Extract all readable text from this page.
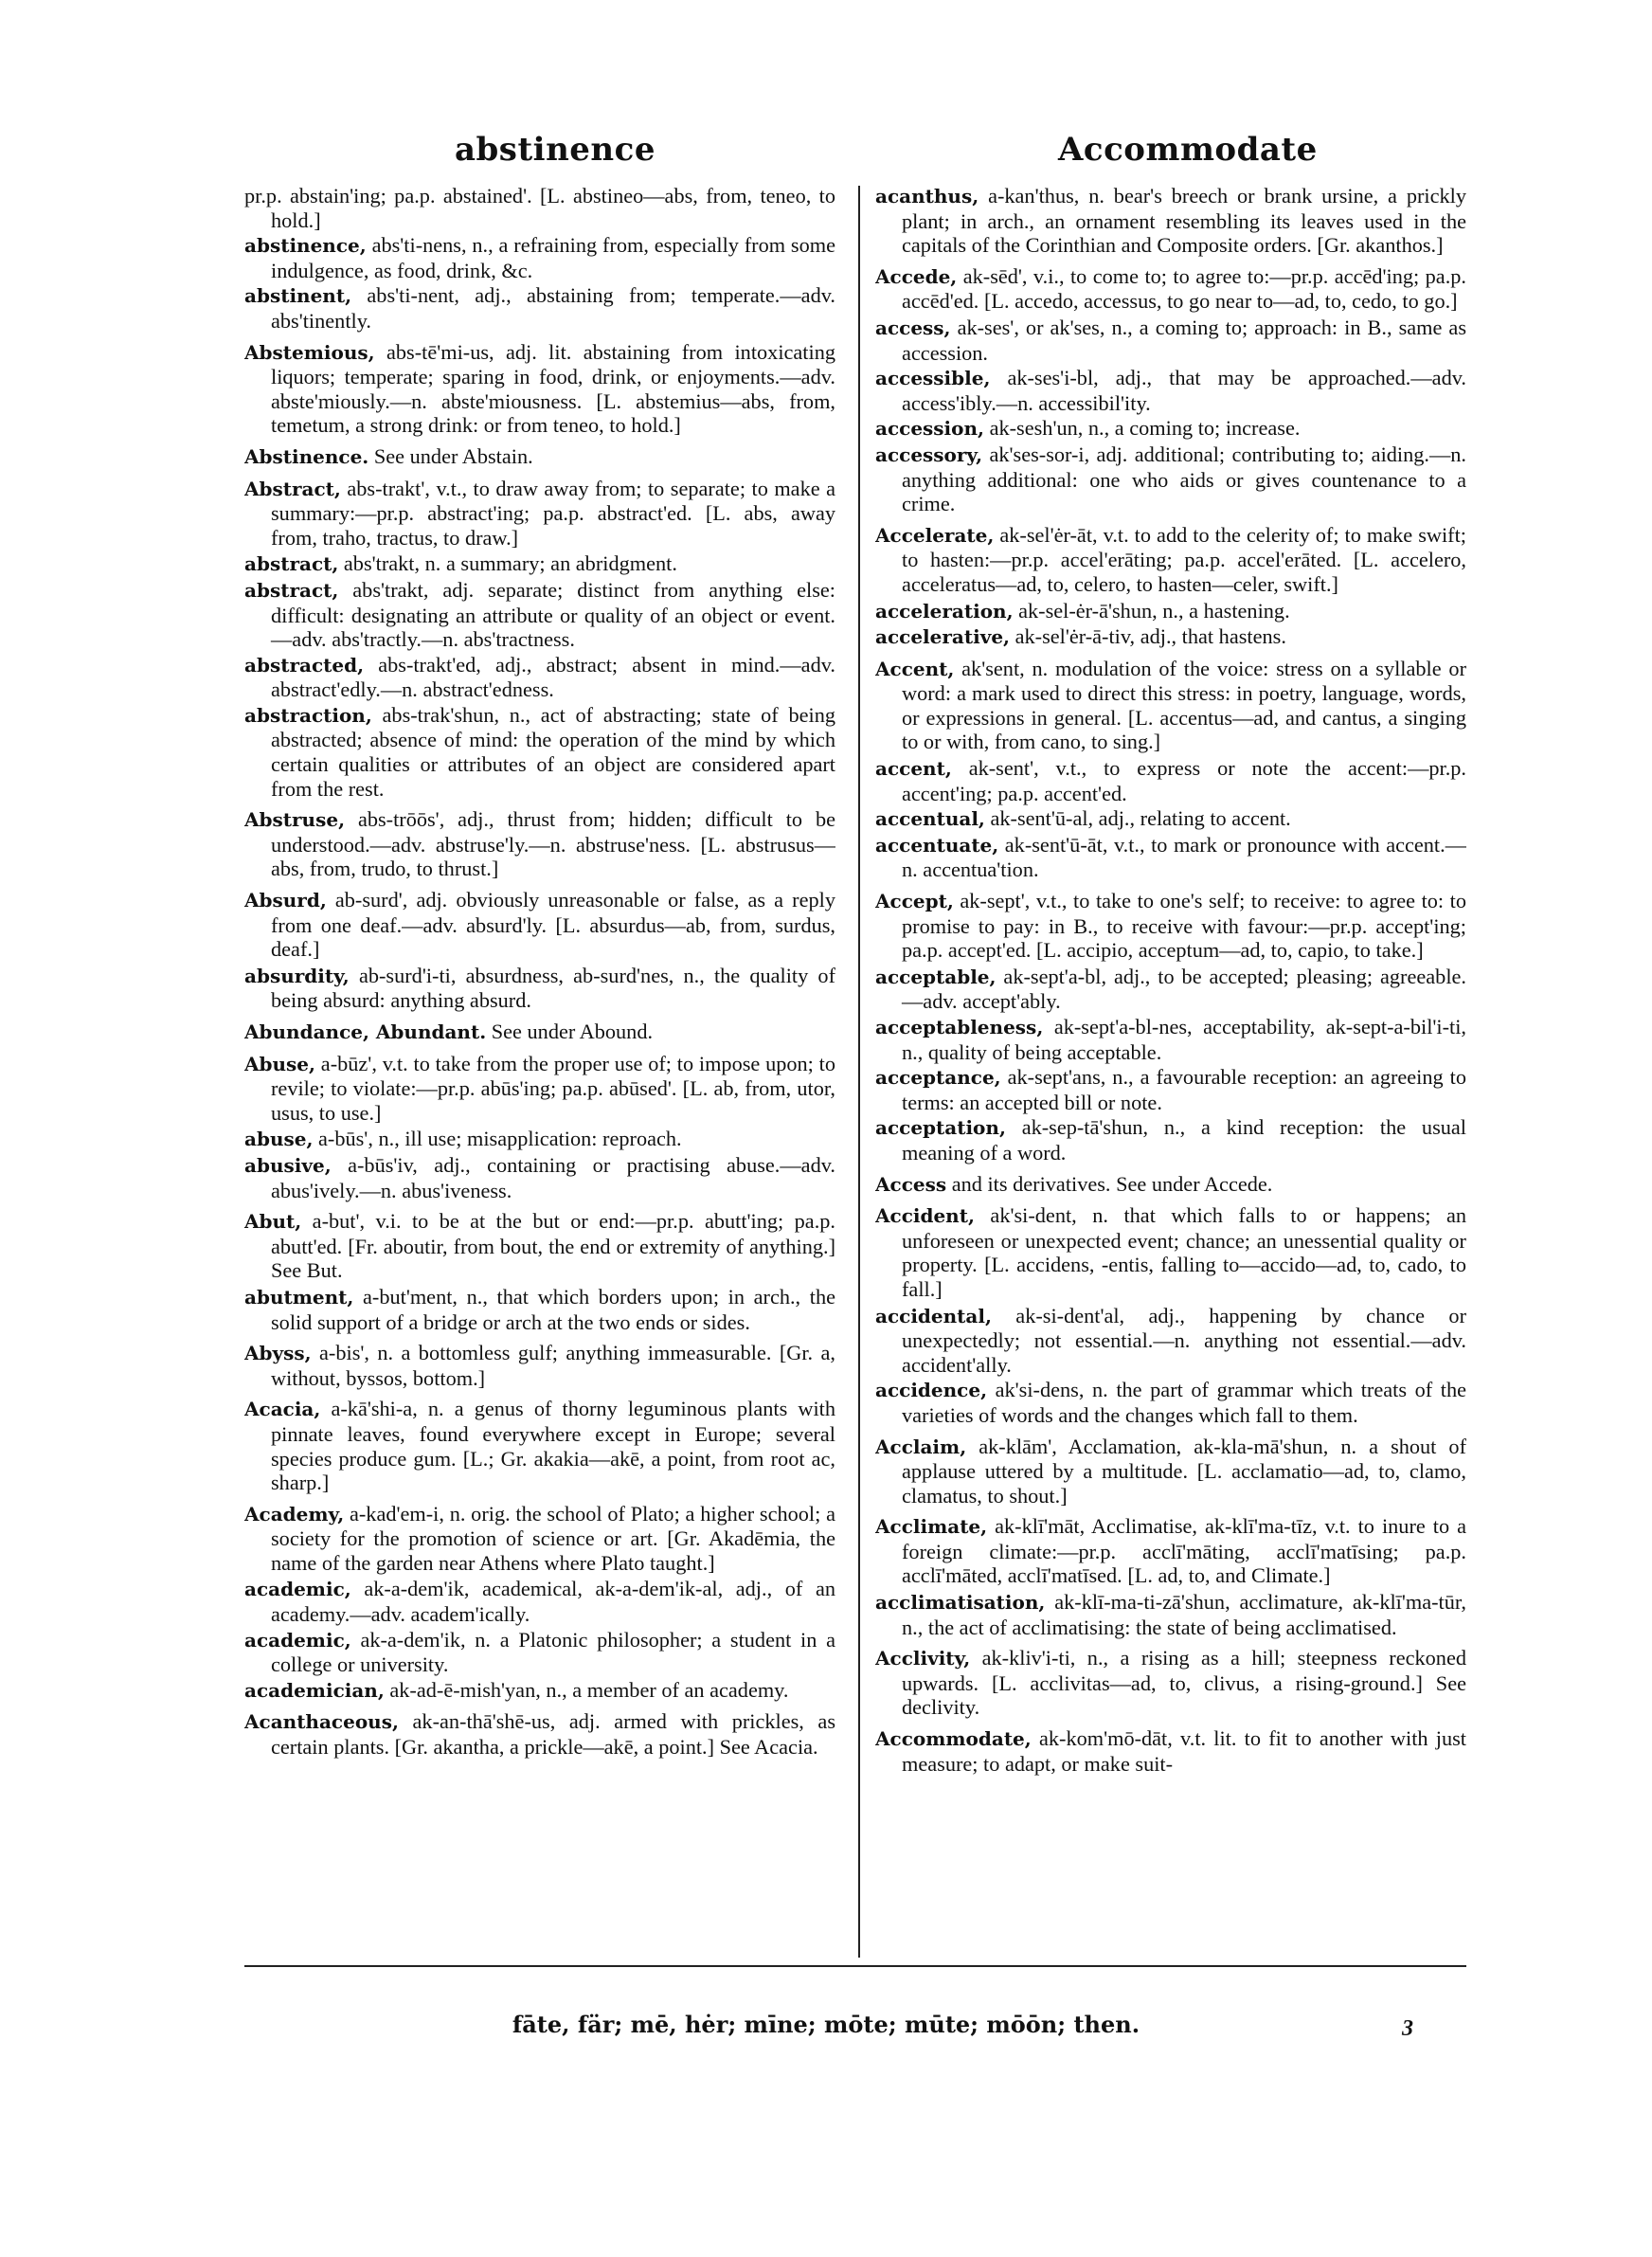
abstinence	Accommodate
pr.p. abstain'ing; pa.p. abstained'. [L. abstineo—abs, from, teneo, to hold.]
abstinence, abs'ti-nens, n., a refraining from, especially from some indulgence, as food, drink, &c.
abstinent, abs'ti-nent, adj., abstaining from; temperate.—adv. abs'tinently.
Abstemious, abs-tē'mi-us, adj. lit. abstaining from intoxicating liquors; temperate; sparing in food, drink, or enjoyments.—adv. abste'miously.—n. abste'miousness. [L. abstemius—abs, from, temetum, a strong drink: or from teneo, to hold.]
Abstinence. See under Abstain.
Abstract, abs-trakt', v.t., to draw away from; to separate; to make a summary:—pr.p. abstract'ing; pa.p. abstract'ed. [L. abs, away from, traho, tractus, to draw.]
abstract, abs'trakt, n. a summary; an abridgment.
abstract, abs'trakt, adj. separate; distinct from anything else: difficult: designating an attribute or quality of an object or event.—adv. abs'tractly.—n. abs'tractness.
abstracted, abs-trakt'ed, adj., abstract; absent in mind.—adv. abstract'edly.—n. abstract'edness.
abstraction, abs-trak'shun, n., act of abstracting; state of being abstracted; absence of mind: the operation of the mind by which certain qualities or attributes of an object are considered apart from the rest.
Abstruse, abs-trōōs', adj., thrust from; hidden; difficult to be understood.—adv. abstruse'ly.—n. abstruse'ness. [L. abstrusus—abs, from, trudo, to thrust.]
Absurd, ab-surd', adj. obviously unreasonable or false, as a reply from one deaf.—adv. absurd'ly. [L. absurdus—ab, from, surdus, deaf.]
absurdity, ab-surd'i-ti, absurdness, ab-surd'nes, n., the quality of being absurd: anything absurd.
Abundance, Abundant. See under Abound.
Abuse, a-būz', v.t. to take from the proper use of; to impose upon; to revile; to violate:—pr.p. abūs'ing; pa.p. abūsed'. [L. ab, from, utor, usus, to use.]
abuse, a-būs', n., ill use; misapplication: reproach.
abusive, a-būs'iv, adj., containing or practising abuse.—adv. abus'ively.—n. abus'iveness.
Abut, a-but', v.i. to be at the but or end:—pr.p. abutt'ing; pa.p. abutt'ed. [Fr. aboutir, from bout, the end or extremity of anything.] See But.
abutment, a-but'ment, n., that which borders upon; in arch., the solid support of a bridge or arch at the two ends or sides.
Abyss, a-bis', n. a bottomless gulf; anything immeasurable. [Gr. a, without, byssos, bottom.]
Acacia, a-kā'shi-a, n. a genus of thorny leguminous plants with pinnate leaves, found everywhere except in Europe; several species produce gum. [L.; Gr. akakia—akē, a point, from root ac, sharp.]
Academy, a-kad'em-i, n. orig. the school of Plato; a higher school; a society for the promotion of science or art. [Gr. Akadēmia, the name of the garden near Athens where Plato taught.]
academic, ak-a-dem'ik, academical, ak-a-dem'ik-al, adj., of an academy.—adv. academ'ically.
academic, ak-a-dem'ik, n. a Platonic philosopher; a student in a college or university.
academician, ak-ad-ē-mish'yan, n., a member of an academy.
Acanthaceous, ak-an-thā'shē-us, adj. armed with prickles, as certain plants. [Gr. akantha, a prickle—akē, a point.] See Acacia.
acanthus, a-kan'thus, n. bear's breech or brank ursine, a prickly plant; in arch., an ornament resembling its leaves used in the capitals of the Corinthian and Composite orders. [Gr. akanthos.]
Accede, ak-sēd', v.i., to come to; to agree to:—pr.p. accēd'ing; pa.p. accēd'ed. [L. accedo, accessus, to go near to—ad, to, cedo, to go.]
access, ak-ses', or ak'ses, n., a coming to; approach: in B., same as accession.
accessible, ak-ses'i-bl, adj., that may be approached.—adv. access'ibly.—n. accessibil'ity.
accession, ak-sesh'un, n., a coming to; increase.
accessory, ak'ses-sor-i, adj. additional; contributing to; aiding.—n. anything additional: one who aids or gives countenance to a crime.
Accelerate, ak-sel'ėr-āt, v.t. to add to the celerity of; to make swift; to hasten:—pr.p. accel'erāting; pa.p. accel'erāted. [L. accelero, acceleratus—ad, to, celero, to hasten—celer, swift.]
acceleration, ak-sel-ėr-ā'shun, n., a hastening.
accelerative, ak-sel'ėr-ā-tiv, adj., that hastens.
Accent, ak'sent, n. modulation of the voice: stress on a syllable or word: a mark used to direct this stress: in poetry, language, words, or expressions in general. [L. accentus—ad, and cantus, a singing to or with, from cano, to sing.]
accent, ak-sent', v.t., to express or note the accent:—pr.p. accent'ing; pa.p. accent'ed.
accentual, ak-sent'ū-al, adj., relating to accent.
accentuate, ak-sent'ū-āt, v.t., to mark or pronounce with accent.—n. accentua'tion.
Accept, ak-sept', v.t., to take to one's self; to receive: to agree to: to promise to pay: in B., to receive with favour:—pr.p. accept'ing; pa.p. accept'ed. [L. accipio, acceptum—ad, to, capio, to take.]
acceptable, ak-sept'a-bl, adj., to be accepted; pleasing; agreeable.—adv. accept'ably.
acceptableness, ak-sept'a-bl-nes, acceptability, ak-sept-a-bil'i-ti, n., quality of being acceptable.
acceptance, ak-sept'ans, n., a favourable reception: an agreeing to terms: an accepted bill or note.
acceptation, ak-sep-tā'shun, n., a kind reception: the usual meaning of a word.
Access and its derivatives. See under Accede.
Accident, ak'si-dent, n. that which falls to or happens; an unforeseen or unexpected event; chance; an unessential quality or property. [L. accidens, -entis, falling to—accido—ad, to, cado, to fall.]
accidental, ak-si-dent'al, adj., happening by chance or unexpectedly; not essential.—n. anything not essential.—adv. accident'ally.
accidence, ak'si-dens, n. the part of grammar which treats of the varieties of words and the changes which fall to them.
Acclaim, ak-klām', Acclamation, ak-kla-mā'shun, n. a shout of applause uttered by a multitude. [L. acclamatio—ad, to, clamo, clamatus, to shout.]
Acclimate, ak-klī'māt, Acclimatise, ak-klī'ma-tīz, v.t. to inure to a foreign climate:—pr.p. acclī'māting, acclī'matīsing; pa.p. acclī'māted, acclī'matīsed. [L. ad, to, and Climate.]
acclimatisation, ak-klī-ma-ti-zā'shun, acclimature, ak-klī'ma-tūr, n., the act of acclimatising: the state of being acclimatised.
Acclivity, ak-kliv'i-ti, n., a rising as a hill; steepness reckoned upwards. [L. acclivitas—ad, to, clivus, a rising-ground.] See declivity.
Accommodate, ak-kom'mō-dāt, v.t. lit. to fit to another with just measure; to adapt, or make suit-
fāte, fär; mē, hėr; mīne; mōte; mūte; mōōn; then.	3
